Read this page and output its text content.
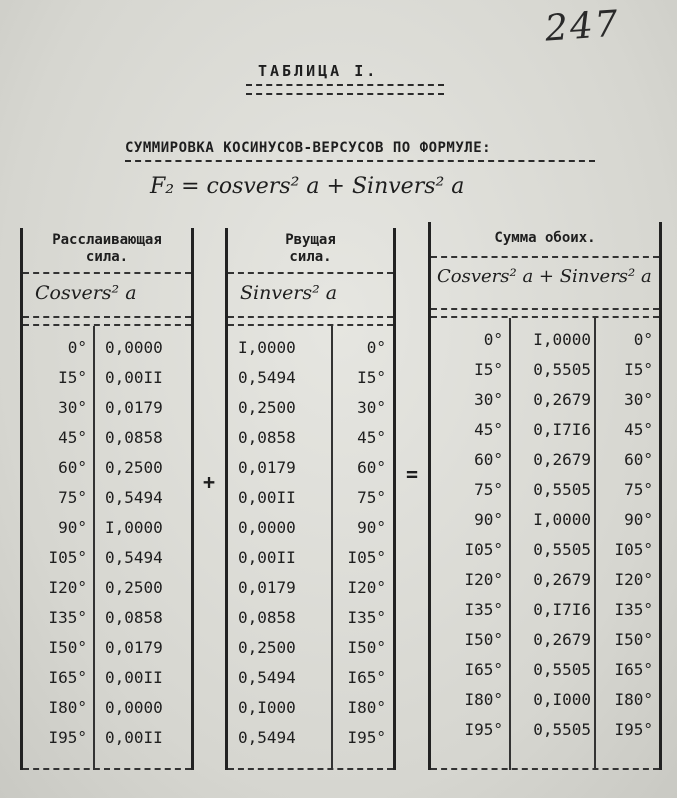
247
ТАБЛИЦА I.
СУММИРОВКА КОСИНУСОВ-ВЕРСУСОВ ПО ФОРМУЛЕ:
F₂ = cosvers² a + Sinvers² a
Расслаивающая
сила.
Cosvers² a
0° 0,0000
I5° 0,00II
30° 0,0179
45° 0,0858
60° 0,2500
75° 0,5494
90° I,0000
I05° 0,5494
I20° 0,2500
I35° 0,0858
I50° 0,0179
I65° 0,00II
I80° 0,0000
I95° 0,00II
+
Рвущая
сила.
Sinvers² a
I,0000	0°
0,5494	I5°
0,2500	30°
0,0858	45°
0,0179	60°
0,00II	75°
0,0000	90°
0,00II	I05°
0,0179	I20°
0,0858	I35°
0,2500	I50°
0,5494	I65°
0,I000	I80°
0,5494	I95°
=
Сумма обоих.
Cosvers² a + Sinvers² a
0°	I,0000	0°
I5°	0,5505	I5°
30°	0,2679	30°
45°	0,I7I6	45°
60°	0,2679	60°
75°	0,5505	75°
90°	I,0000	90°
I05°	0,5505	I05°
I20°	0,2679	I20°
I35°	0,I7I6	I35°
I50°	0,2679	I50°
I65°	0,5505	I65°
I80°	0,I000	I80°
I95°	0,5505	I95°
